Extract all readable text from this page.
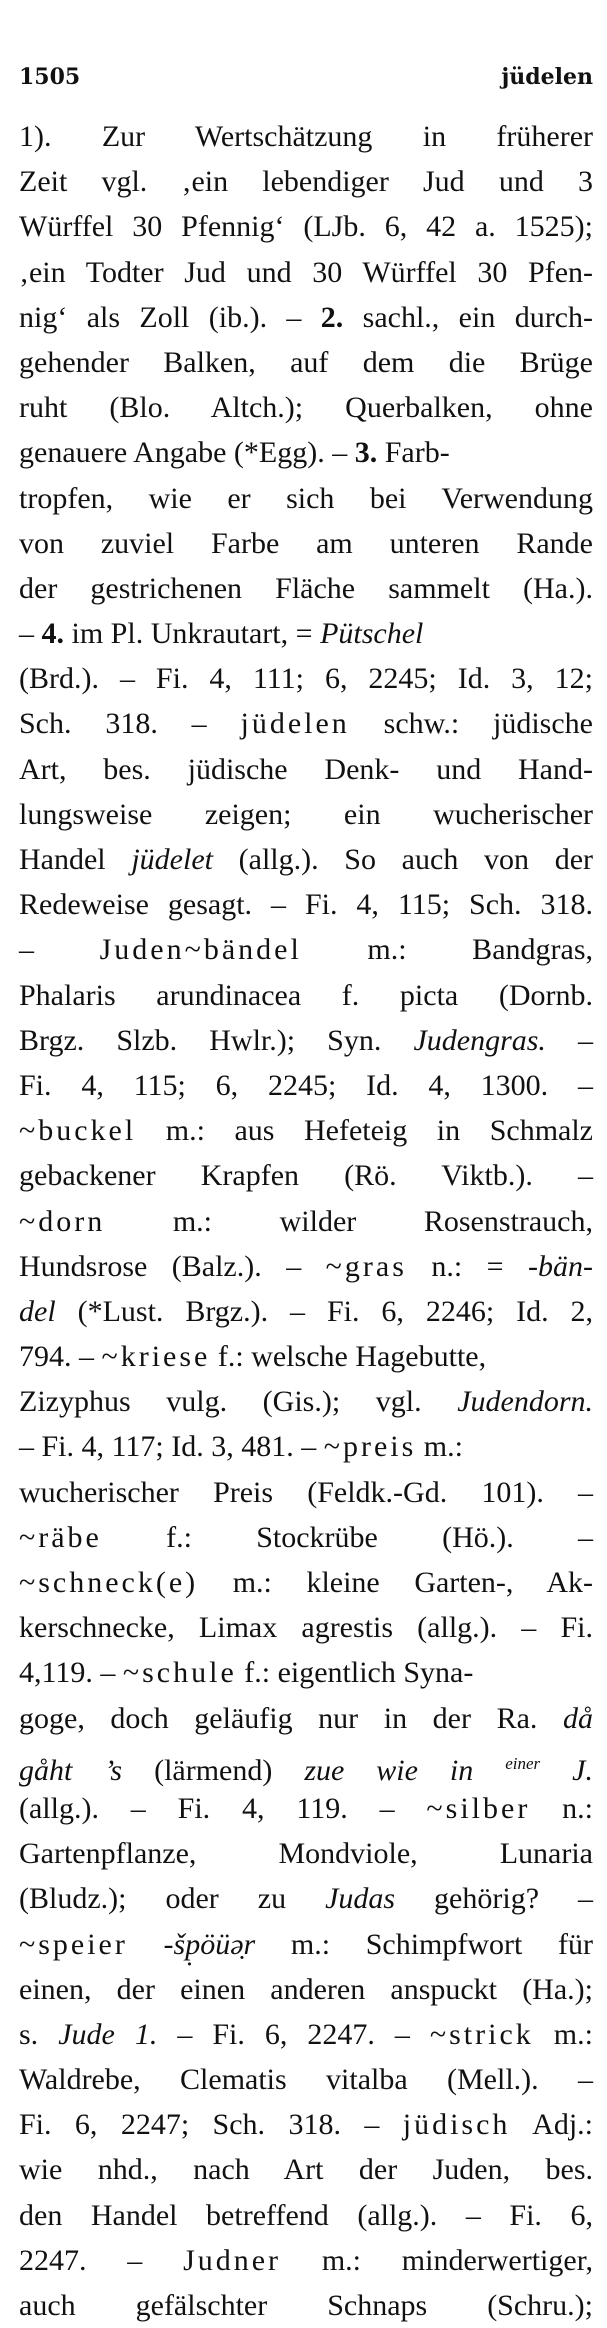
1505	jüdelen
1). Zur Wertschätzung in früherer
Zeit vgl. ‚ein lebendiger Jud und 3
Würffel 30 Pfennig‘ (LJb. 6, 42 a. 1525);
‚ein Todter Jud und 30 Würffel 30 Pfen-
nig‘ als Zoll (ib.). – 2. sachl., ein durch-
gehender Balken, auf dem die Brüge
ruht (Blo. Altch.); Querbalken, ohne
genauere Angabe (*Egg). – 3. Farb-
tropfen, wie er sich bei Verwendung
von zuviel Farbe am unteren Rande
der gestrichenen Fläche sammelt (Ha.).
– 4. im Pl. Unkrautart, = Pütschel
(Brd.). – Fi. 4, 111; 6, 2245; Id. 3, 12;
Sch. 318. – jüdelen schw.: jüdische
Art, bes. jüdische Denk- und Hand-
lungsweise zeigen; ein wucherischer
Handel jüdelet (allg.). So auch von der
Redeweise gesagt. – Fi. 4, 115; Sch. 318.
– Juden~bändel m.: Bandgras,
Phalaris arundinacea f. picta (Dornb.
Brgz. Slzb. Hwlr.); Syn. Judengras. –
Fi. 4, 115; 6, 2245; Id. 4, 1300. –
~buckel m.: aus Hefeteig in Schmalz
gebackener Krapfen (Rö. Viktb.). –
~dorn m.: wilder Rosenstrauch,
Hundsrose (Balz.). – ~gras n.: = -bän-
del (*Lust. Brgz.). – Fi. 6, 2246; Id. 2,
794. – ~kriese f.: welsche Hagebutte,
Zizyphus vulg. (Gis.); vgl. Judendorn.
– Fi. 4, 117; Id. 3, 481. – ~preis m.:
wucherischer Preis (Feldk.-Gd. 101). –
~räbe f.: Stockrübe (Hö.). –
~schneck(e) m.: kleine Garten-, Ak-
kerschnecke, Limax agrestis (allg.). – Fi.
4,119. – ~schule f.: eigentlich Syna-
goge, doch geläufig nur in der Ra. då
gåht ’s (lärmend) zue wie in $^{einer}$ J.
(allg.). – Fi. 4, 119. – ~silber n.:
Gartenpflanze, Mondviole, Lunaria
(Bludz.); oder zu Judas gehörig? –
~speier -šp̣öüə̣r m.: Schimpfwort für
einen, der einen anderen anspuckt (Ha.);
s. Jude 1. – Fi. 6, 2247. – ~strick m.:
Waldrebe, Clematis vitalba (Mell.). –
Fi. 6, 2247; Sch. 318. – jüdisch Adj.:
wie nhd., nach Art der Juden, bes.
den Handel betreffend (allg.). – Fi. 6,
2247. – Judner m.: minderwertiger,
auch gefälschter Schnaps (Schru.);
